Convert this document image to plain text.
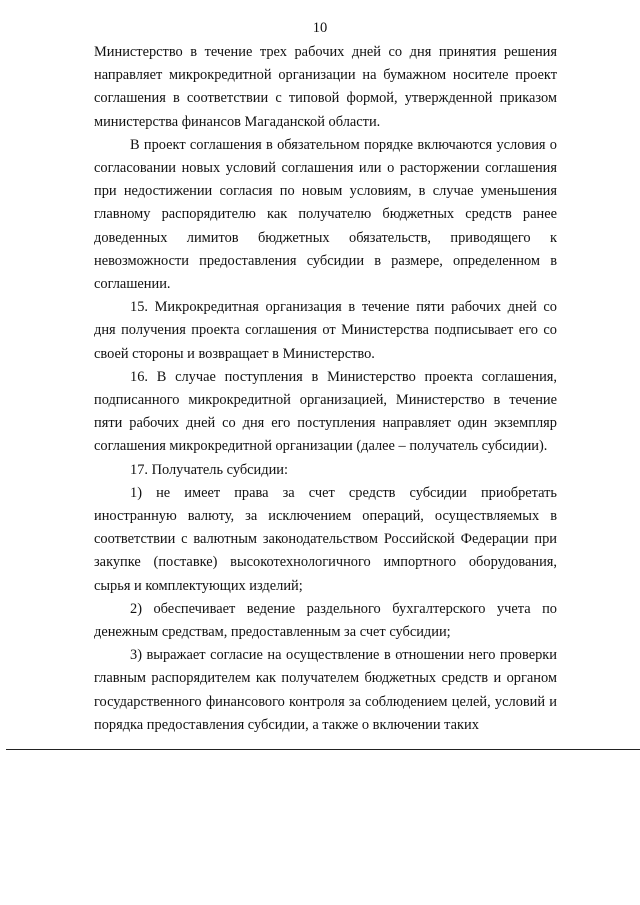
10

Министерство в течение трех рабочих дней со дня принятия решения направляет микрокредитной организации на бумажном носителе проект соглашения в соответствии с типовой формой, утвержденной приказом министерства финансов Магаданской области.

В проект соглашения в обязательном порядке включаются условия о согласовании новых условий соглашения или о расторжении соглашения при недостижении согласия по новым условиям, в случае уменьшения главному распорядителю как получателю бюджетных средств ранее доведенных лимитов бюджетных обязательств, приводящего к невозможности предоставления субсидии в размере, определенном в соглашении.

15. Микрокредитная организация в течение пяти рабочих дней со дня получения проекта соглашения от Министерства подписывает его со своей стороны и возвращает в Министерство.

16. В случае поступления в Министерство проекта соглашения, подписанного микрокредитной организацией, Министерство в течение пяти рабочих дней со дня его поступления направляет один экземпляр соглашения микрокредитной организации (далее – получатель субсидии).

17. Получатель субсидии:

1) не имеет права за счет средств субсидии приобретать иностранную валюту, за исключением операций, осуществляемых в соответствии с валютным законодательством Российской Федерации при закупке (поставке) высокотехнологичного импортного оборудования, сырья и комплектующих изделий;

2) обеспечивает ведение раздельного бухгалтерского учета по денежным средствам, предоставленным за счет субсидии;

3) выражает согласие на осуществление в отношении него проверки главным распорядителем как получателем бюджетных средств и органом государственного финансового контроля за соблюдением целей, условий и порядка предоставления субсидии, а также о включении таких
